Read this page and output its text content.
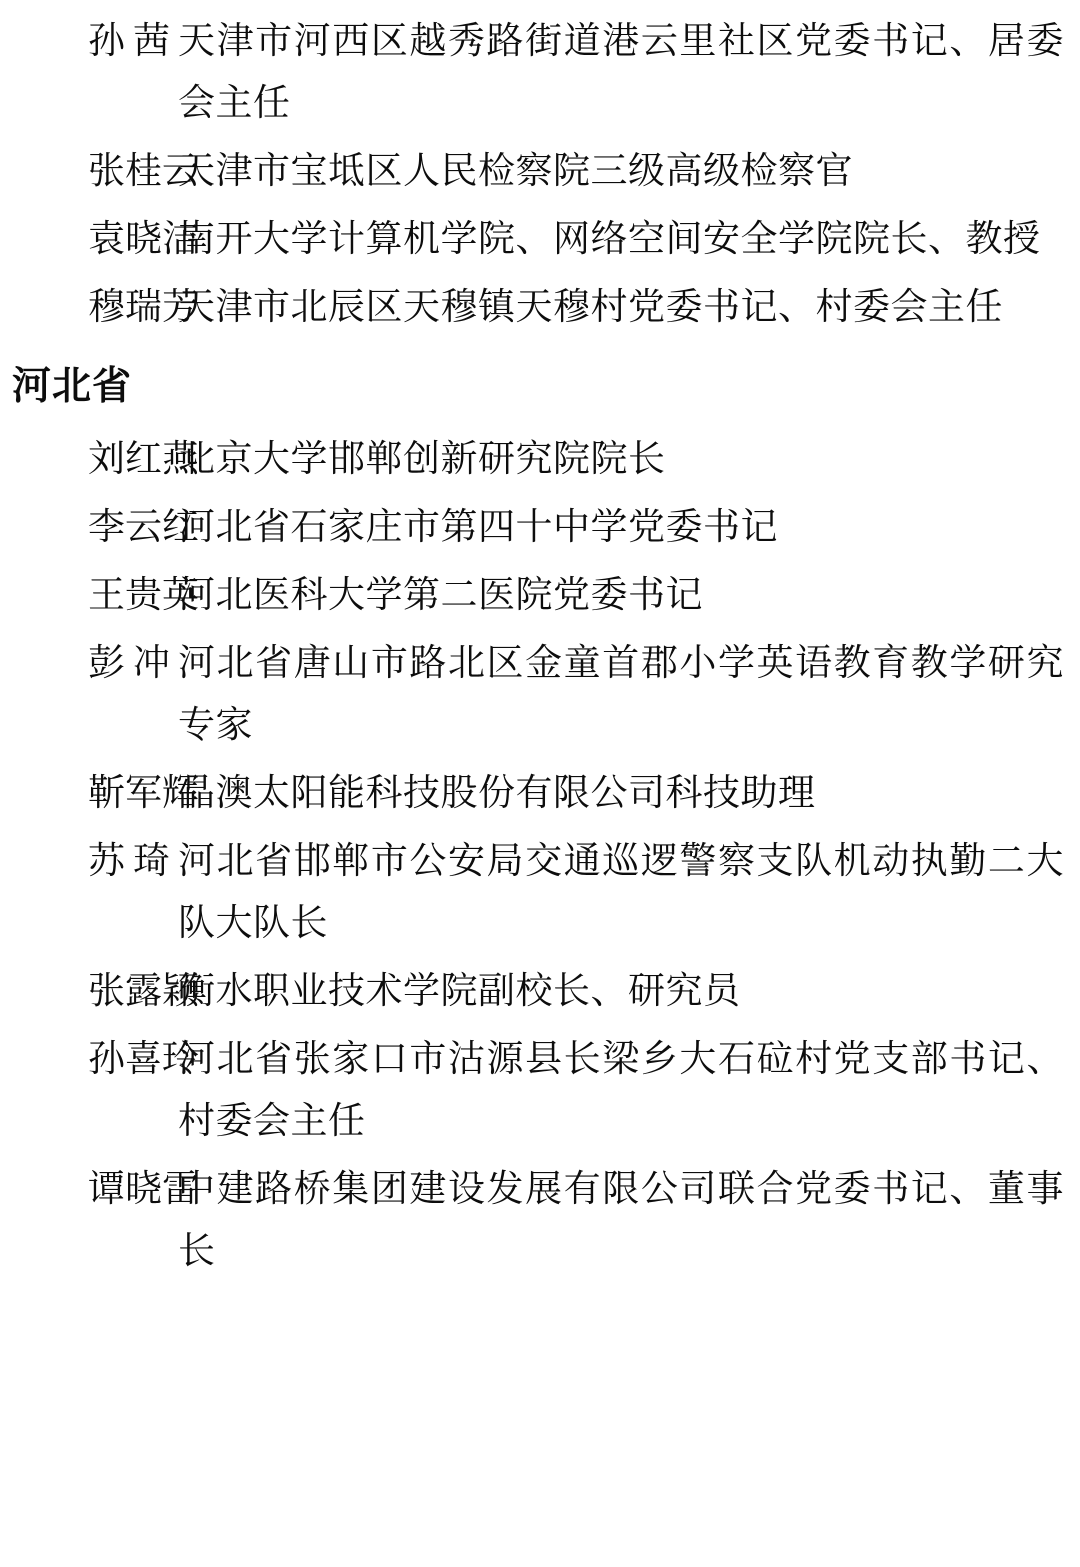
孙 茜 天津市河西区越秀路街道港云里社区党委书记、居委会主任
张桂云
天津市宝坻区人民检察院三级高级检察官
袁晓洁
南开大学计算机学院、网络空间安全学院院长、教授
穆瑞芳
天津市北辰区天穆镇天穆村党委书记、村委会主任
河北省
刘红燕
北京大学邯郸创新研究院院长
李云红
河北省石家庄市第四十中学党委书记
王贵英
河北医科大学第二医院党委书记
彭 冲 河北省唐山市路北区金童首郡小学英语教育教学研究专家
靳军辉
晶澳太阳能科技股份有限公司科技助理
苏 琦 河北省邯郸市公安局交通巡逻警察支队机动执勤二大队大队长
张露颖
衡水职业技术学院副校长、研究员
孙喜玲
河北省张家口市沽源县长梁乡大石砬村党支部书记、村委会主任
谭晓雷
中建路桥集团建设发展有限公司联合党委书记、董事长
